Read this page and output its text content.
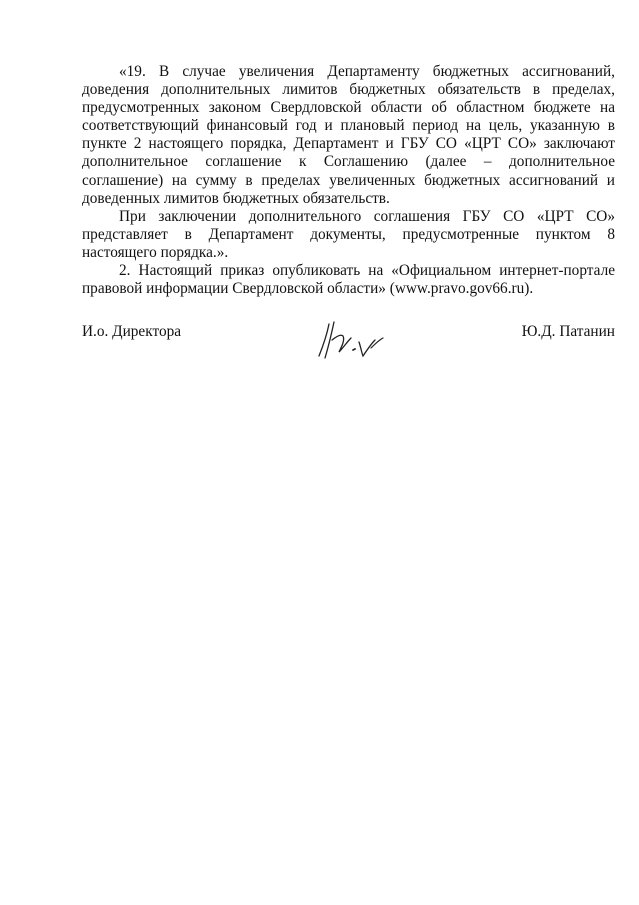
«19. В случае увеличения Департаменту бюджетных ассигнований, доведения дополнительных лимитов бюджетных обязательств в пределах, предусмотренных законом Свердловской области об областном бюджете на соответствующий финансовый год и плановый период на цель, указанную в пункте 2 настоящего порядка, Департамент и ГБУ СО «ЦРТ СО» заключают дополнительное соглашение к Соглашению (далее – дополнительное соглашение) на сумму в пределах увеличенных бюджетных ассигнований и доведенных лимитов бюджетных обязательств.

При заключении дополнительного соглашения ГБУ СО «ЦРТ СО» представляет в Департамент документы, предусмотренные пунктом 8 настоящего порядка.».

2. Настоящий приказ опубликовать на «Официальном интернет-портале правовой информации Свердловской области» (www.pravo.gov66.ru).

И.о. Директора	Ю.Д. Патанин
